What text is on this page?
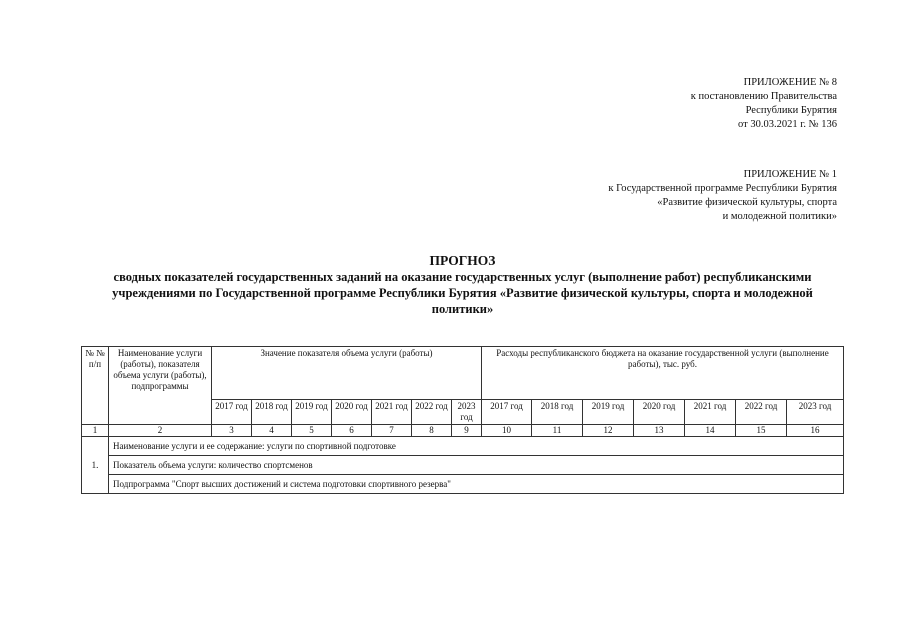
ПРИЛОЖЕНИЕ № 8
к постановлению Правительства
Республики Бурятия
от 30.03.2021 г. № 136
ПРИЛОЖЕНИЕ № 1
к Государственной программе Республики Бурятия
«Развитие физической культуры, спорта
и молодежной политики»
ПРОГНОЗ
сводных показателей государственных заданий на оказание государственных услуг (выполнение работ) республиканскими учреждениями по Государственной программе Республики Бурятия «Развитие физической культуры, спорта и молодежной политики»
№ № п/п	Наименование услуги (работы), показателя объема услуги (работы), подпрограммы	Значение показателя объема услуги (работы)							Расходы республиканского бюджета на оказание государственной услуги (выполнение работы), тыс. руб.						
		2017 год	2018 год	2019 год	2020 год	2021 год	2022 год	2023 год	2017 год	2018 год	2019 год	2020 год	2021 год	2022 год	2023 год
1	2	3	4	5	6	7	8	9	10	11	12	13	14	15	16
1.	Наименование услуги и ее содержание: услуги по спортивной подготовке														
	Показатель объема услуги: количество спортсменов														
	Подпрограмма "Спорт высших достижений и система подготовки спортивного резерва"														
